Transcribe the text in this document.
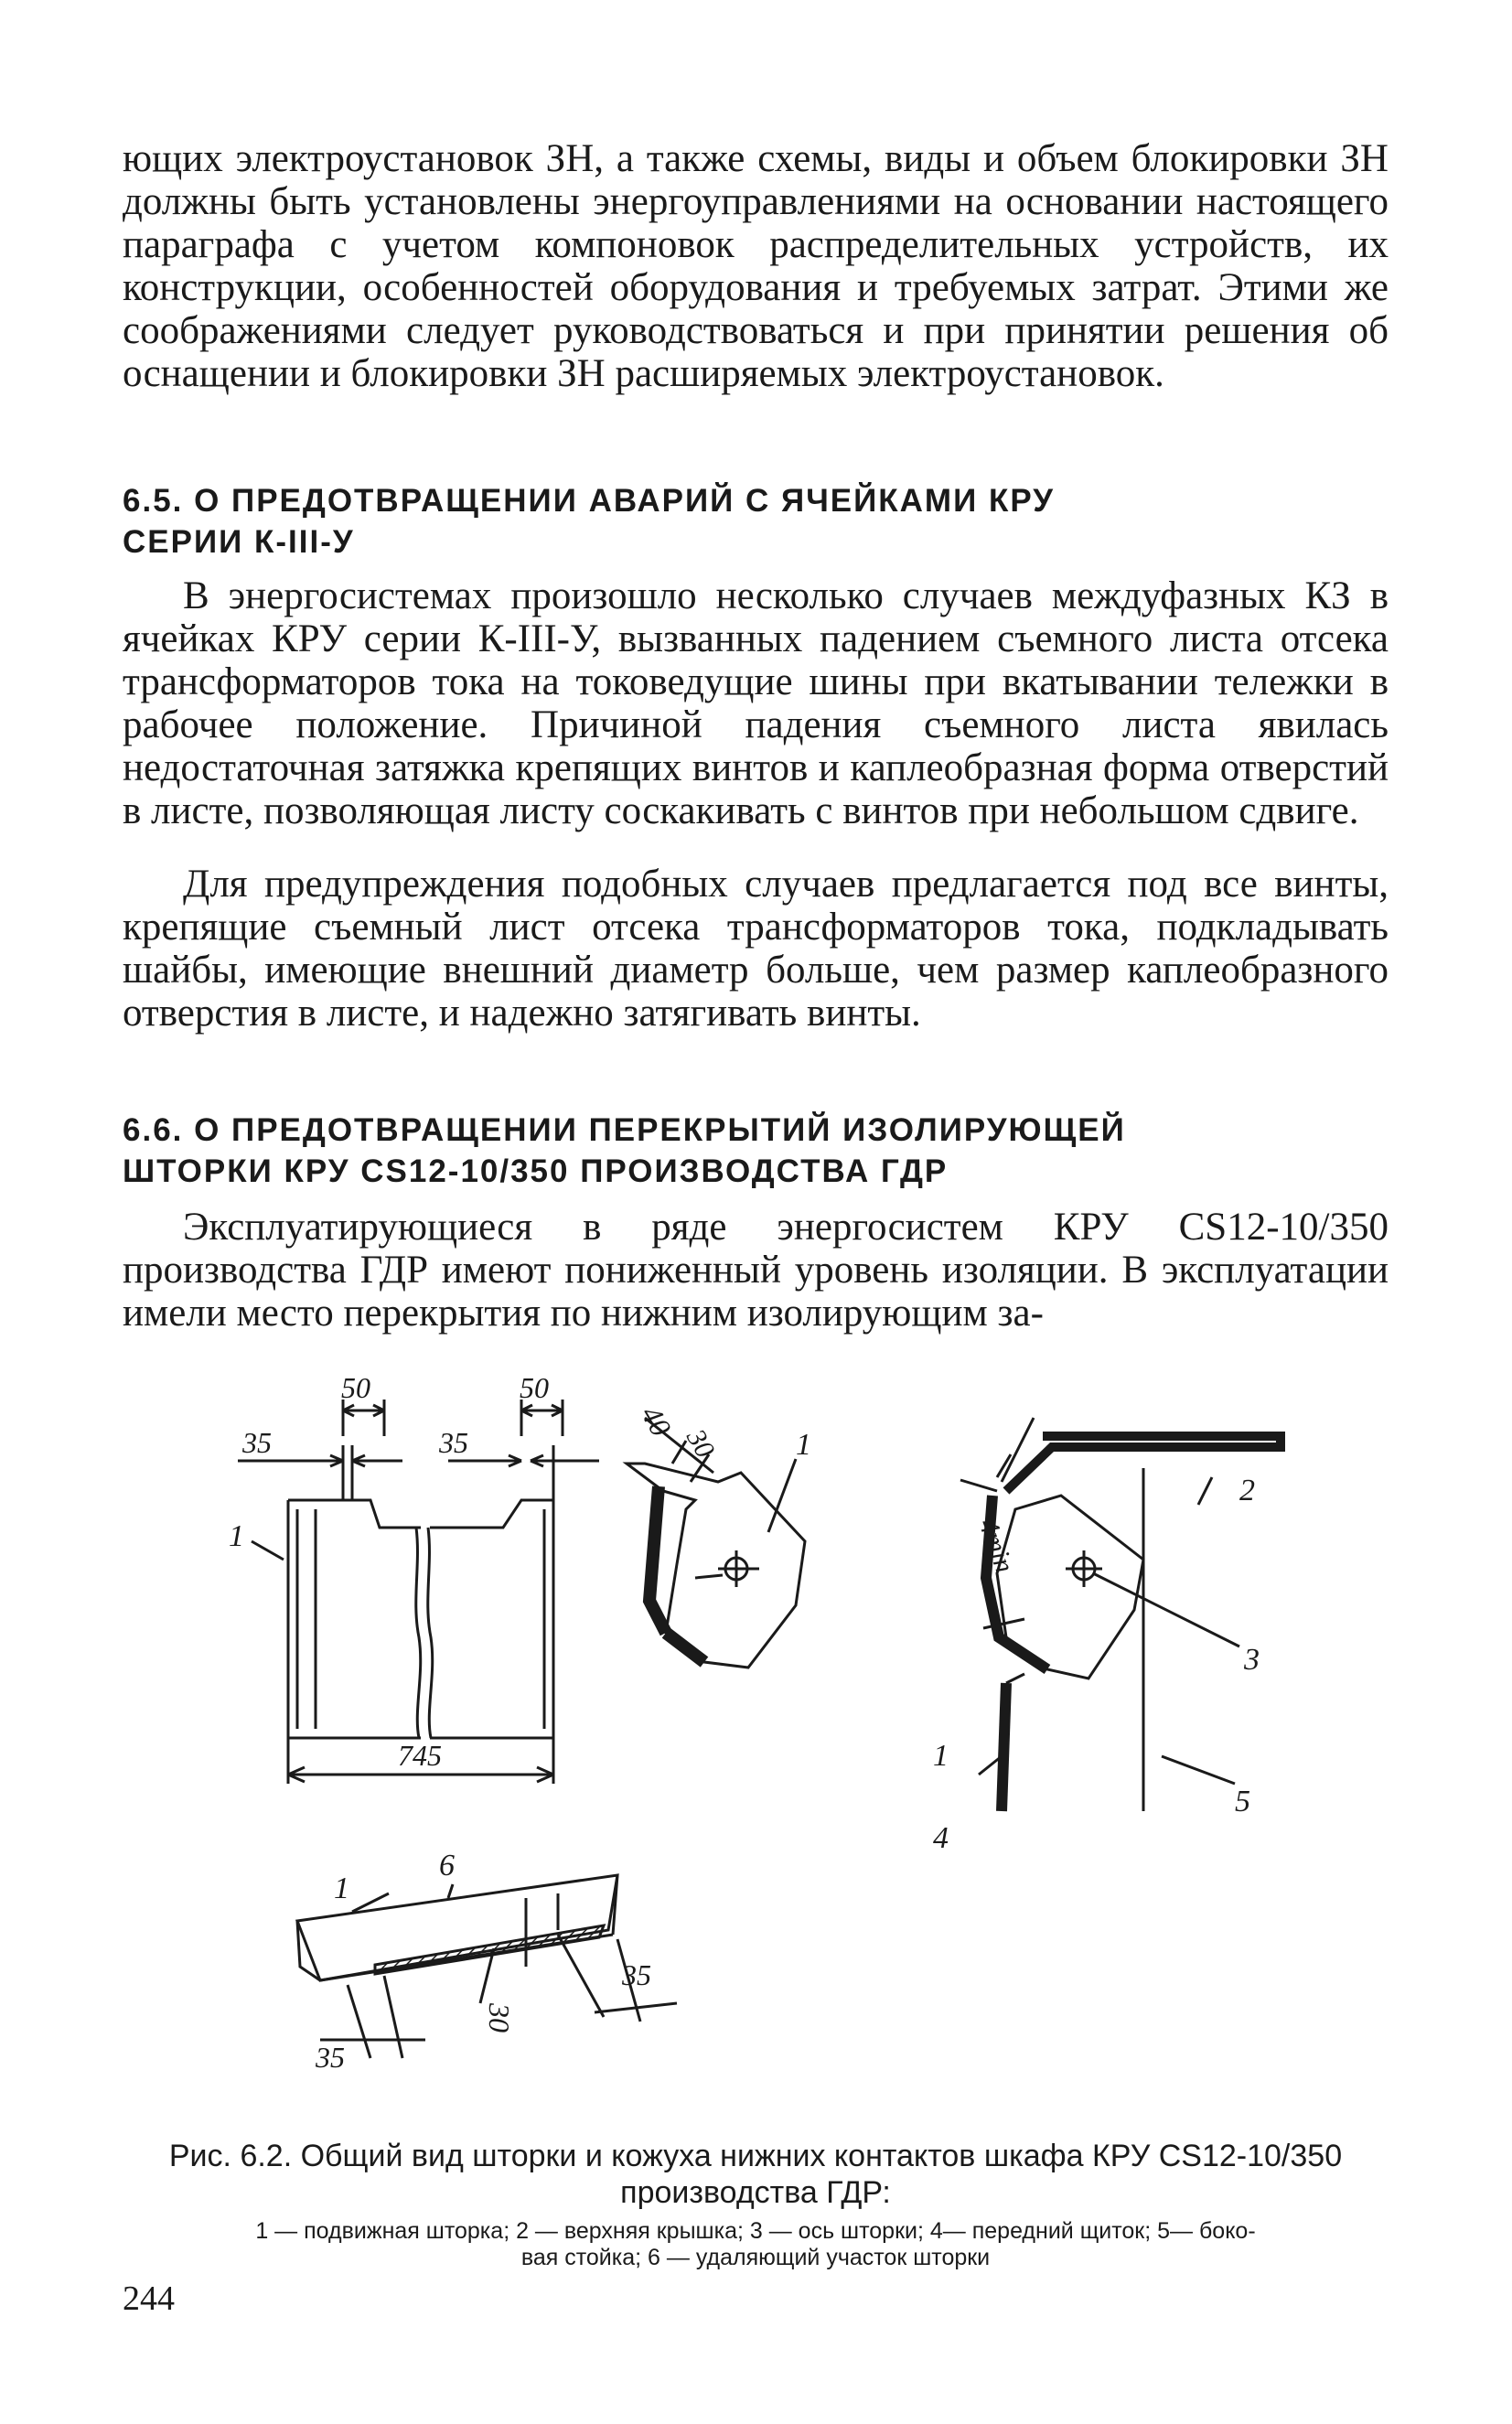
ющих электроустановок ЗН, а также схемы, виды и объем блокировки ЗН должны быть установлены энергоуправлениями на основании настоящего параграфа с учетом компоновок распределительных устройств, их конструкции, особенностей оборудования и требуемых затрат. Этими же соображениями следует руководствоваться и при принятии решения об оснащении и блокировки ЗН расширяемых электроустановок.

6.5. О ПРЕДОТВРАЩЕНИИ АВАРИЙ С ЯЧЕЙКАМИ КРУ
СЕРИИ К-III-У

В энергосистемах произошло несколько случаев междуфазных КЗ в ячейках КРУ серии К-III-У, вызванных падением съемного листа отсека трансформаторов тока на токоведущие шины при вкатывании тележки в рабочее положение. Причиной падения съемного листа явилась недостаточная затяжка крепящих винтов и каплеобразная форма отверстий в листе, позволяющая листу соскакивать с винтов при небольшом сдвиге.

Для предупреждения подобных случаев предлагается под все винты, крепящие съемный лист отсека трансформаторов тока, подкладывать шайбы, имеющие внешний диаметр больше, чем размер каплеобразного отверстия в листе, и надежно затягивать винты.

6.6. О ПРЕДОТВРАЩЕНИИ ПЕРЕКРЫТИЙ ИЗОЛИРУЮЩЕЙ
ШТОРКИ КРУ CS12-10/350 ПРОИЗВОДСТВА ГДР

Эксплуатирующиеся в ряде энергосистем КРУ CS12-10/350 производства ГДР имеют пониженный уровень изоляции. В эксплуатации имели место перекрытия по нижним изолирующим за-

50
35
50
35
745
1
40
30 1
4min
2
3
5
1
4
1
6
35
35
30
Рис. 6.2. Общий вид шторки и кожуха нижних контактов шкафа КРУ CS12-10/350
производства ГДР:
1 — подвижная шторка; 2 — верхняя крышка; 3 — ось шторки; 4— передний щиток; 5— боко-
вая стойка; 6 — удаляющий участок шторки
244
